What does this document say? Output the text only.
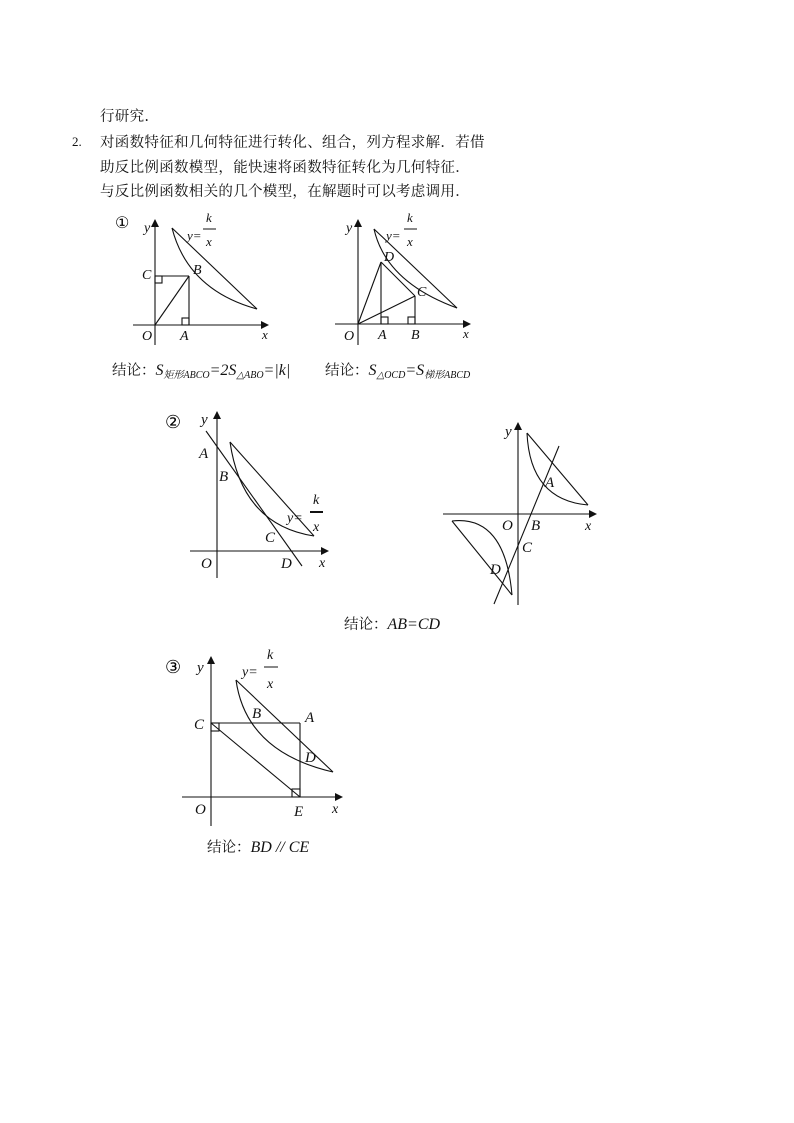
行研究.
2. 对函数特征和几何特征进行转化、组合，列方程求解．若借
助反比例函数模型，能快速将函数特征转化为几何特征．
与反比例函数相关的几个模型，在解题时可以考虑调用．
① y
x
O
y=
k
x
C	B
A
y
x
O
y=
k
x
D
C
A B
② y
x
O
A
B
C
D
y=
k
x
y
x
O
A
B
C
D
③ y
x
O
y=
k
x
C
B	A
D
E
结论：$S_{矩形ABCO}=2S_{\triangle ABO}=|k|$ 结论：$S_{\triangle OCD}=S_{梯形ABCD}$
结论：AB=CD
结论：BD // CE
